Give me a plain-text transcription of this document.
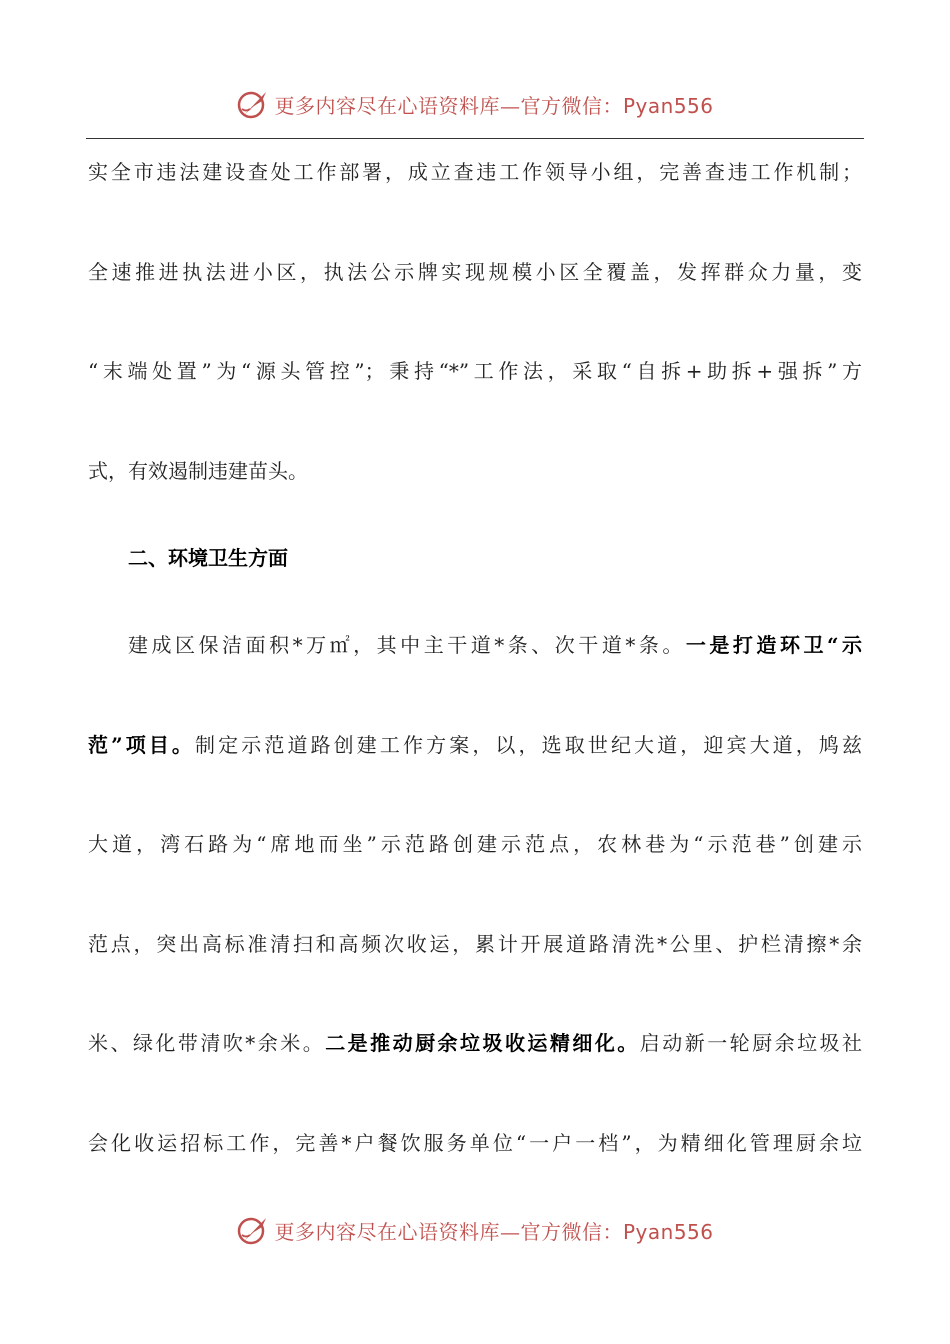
更多内容尽在心语资料库—官方微信：Pyan556
实全市违法建设查处工作部署，成立查违工作领导小组，完善查违工作机制；
全速推进执法进小区，执法公示牌实现规模小区全覆盖，发挥群众力量，变
“末端处置”为“源头管控”；秉持“*”工作法，采取“自拆+助拆+强拆”方
式，有效遏制违建苗头。
二、环境卫生方面
建成区保洁面积*万㎡，其中主干道*条、次干道*条。一是打造环卫“示
范”项目。制定示范道路创建工作方案，以，选取世纪大道，迎宾大道，鸠兹
大道，湾石路为“席地而坐”示范路创建示范点，农林巷为“示范巷”创建示
范点，突出高标准清扫和高频次收运，累计开展道路清洗*公里、护栏清擦*余
米、绿化带清吹*余米。二是推动厨余垃圾收运精细化。启动新一轮厨余垃圾社
会化收运招标工作，完善*户餐饮服务单位“一户一档”，为精细化管理厨余垃
更多内容尽在心语资料库—官方微信：Pyan556
